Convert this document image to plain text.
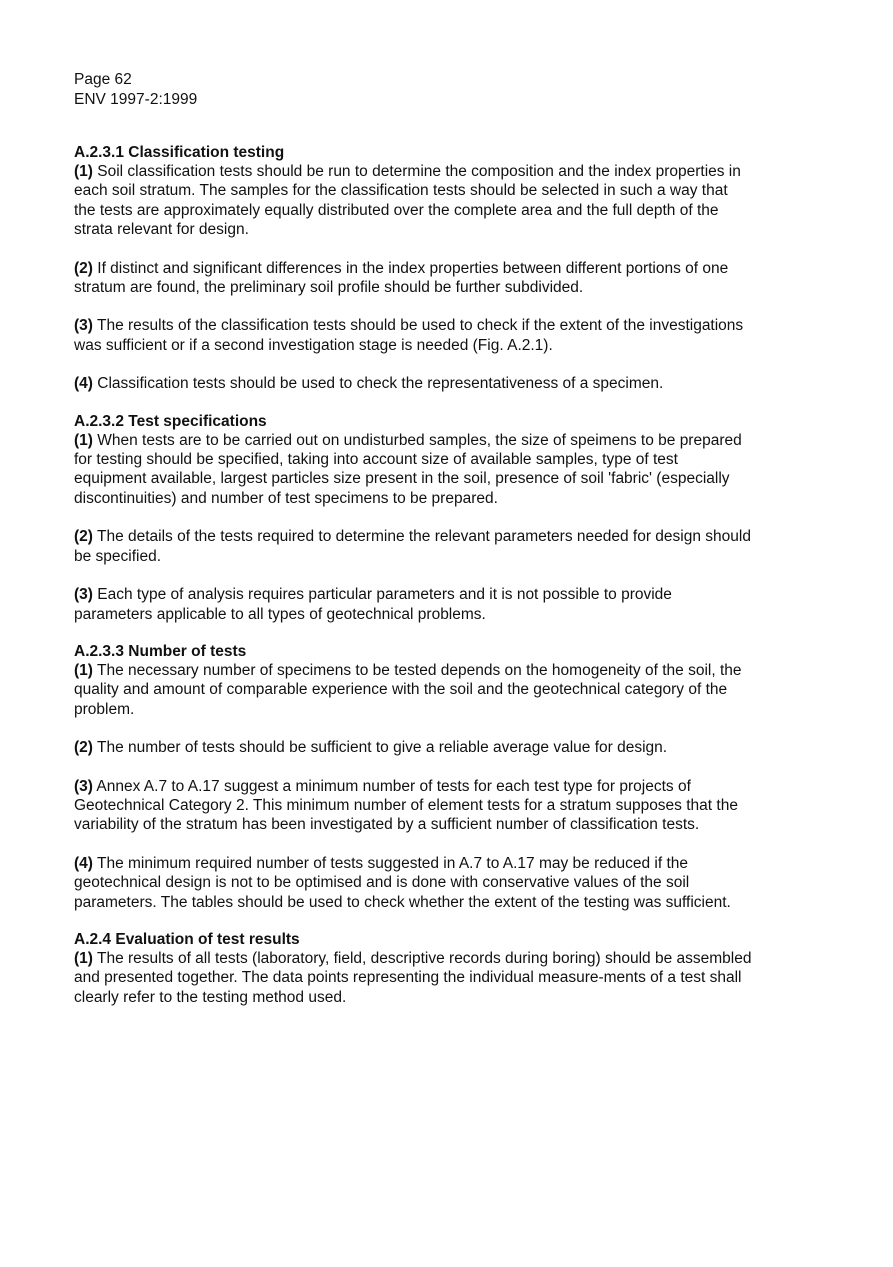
Page 62
ENV 1997-2:1999

A.2.3.1 Classification testing

(1) Soil classification tests should be run to determine the composition and the index properties in each soil stratum. The samples for the classification tests should be selected in such a way that the tests are approximately equally distributed over the complete area and the full depth of the strata relevant for design.

(2) If distinct and significant differences in the index properties between different portions of one stratum are found, the preliminary soil profile should be further subdivided.

(3) The results of the classification tests should be used to check if the extent of the investigations was sufficient or if a second investigation stage is needed (Fig. A.2.1).

(4) Classification tests should be used to check the representativeness of a specimen.

A.2.3.2 Test specifications

(1) When tests are to be carried out on undisturbed samples, the size of speimens to be prepared for testing should be specified, taking into account size of available samples, type of test equipment available, largest particles size present in the soil, presence of soil 'fabric' (especially discontinuities) and number of test specimens to be prepared.

(2) The details of the tests required to determine the relevant parameters needed for design should be specified.

(3) Each type of analysis requires particular parameters and it is not possible to provide parameters applicable to all types of geotechnical problems.

A.2.3.3 Number of tests

(1) The necessary number of specimens to be tested depends on the homogeneity of the soil, the quality and amount of comparable experience with the soil and the geotechnical category of the problem.

(2) The number of tests should be sufficient to give a reliable average value for design.

(3) Annex A.7 to A.17 suggest a minimum number of tests for each test type for projects of Geotechnical Category 2. This minimum number of element tests for a stratum supposes that the variability of the stratum has been investigated by a sufficient number of classification tests.

(4) The minimum required number of tests suggested in A.7 to A.17 may be reduced if the geotechnical design is not to be optimised and is done with conservative values of the soil parameters. The tables should be used to check whether the extent of the testing was sufficient.

A.2.4 Evaluation of test results

(1) The results of all tests (laboratory, field, descriptive records during boring) should be assembled and presented together. The data points representing the individual measure-ments of a test shall clearly refer to the testing method used.
